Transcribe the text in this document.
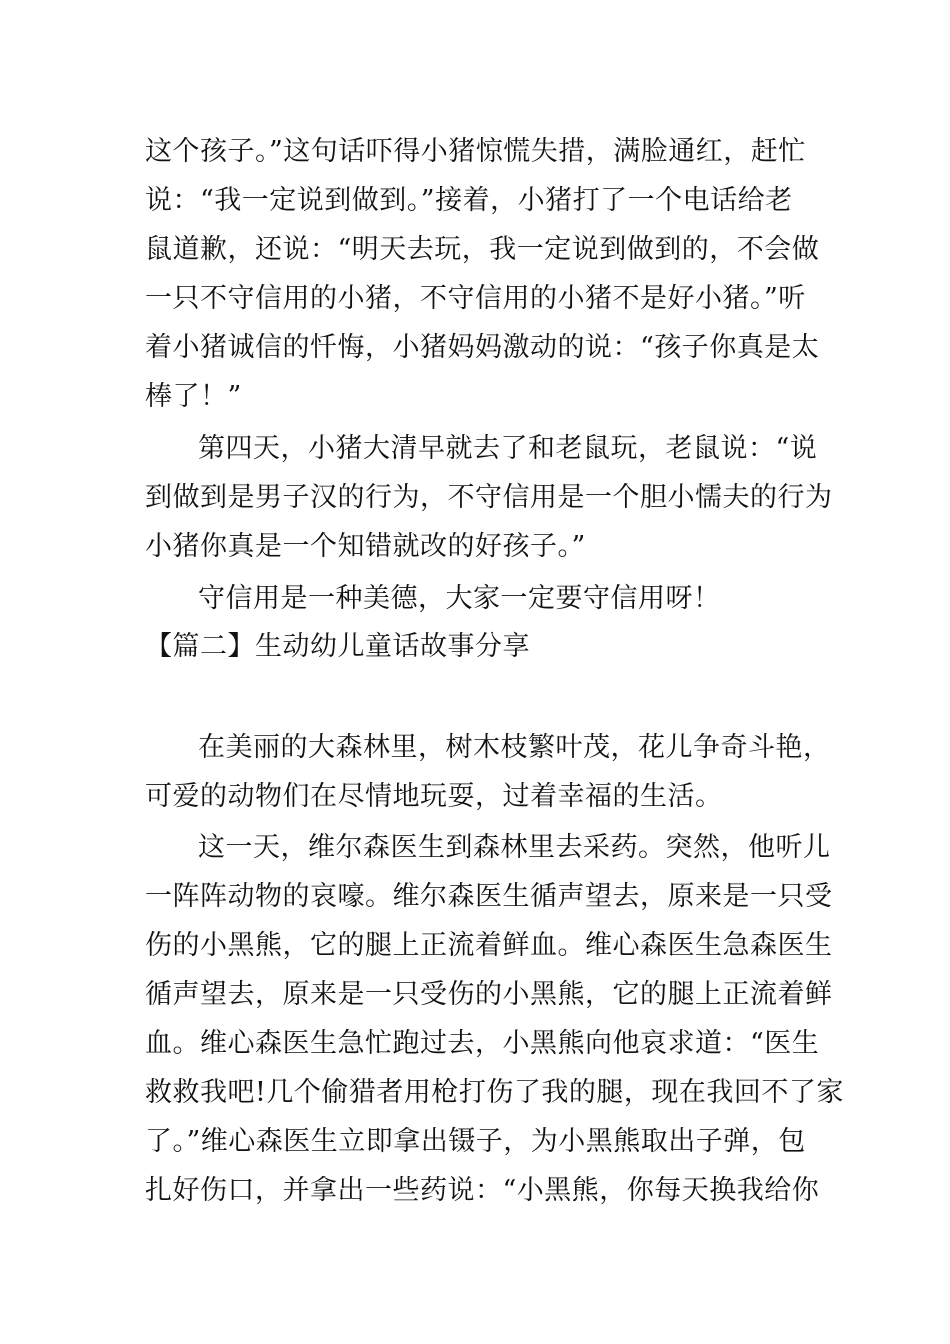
这个孩子。”这句话吓得小猪惊慌失措，满脸通红，赶忙
说：“我一定说到做到。”接着，小猪打了一个电话给老
鼠道歉，还说：“明天去玩，我一定说到做到的，不会做
一只不守信用的小猪，不守信用的小猪不是好小猪。”听
着小猪诚信的忏悔，小猪妈妈激动的说：“孩子你真是太
棒了！”
第四天，小猪大清早就去了和老鼠玩，老鼠说：“说
到做到是男子汉的行为，不守信用是一个胆小懦夫的行为
小猪你真是一个知错就改的好孩子。”
守信用是一种美德，大家一定要守信用呀！
【篇二】生动幼儿童话故事分享
在美丽的大森林里，树木枝繁叶茂，花儿争奇斗艳，
可爱的动物们在尽情地玩耍，过着幸福的生活。
这一天，维尔森医生到森林里去采药。突然，他听儿
一阵阵动物的哀嚎。维尔森医生循声望去，原来是一只受
伤的小黑熊，它的腿上正流着鲜血。维心森医生急森医生
循声望去，原来是一只受伤的小黑熊，它的腿上正流着鲜
血。维心森医生急忙跑过去，小黑熊向他哀求道：“医生
救救我吧!几个偷猎者用枪打伤了我的腿，现在我回不了家
了。”维心森医生立即拿出镊子，为小黑熊取出子弹，包
扎好伤口，并拿出一些药说：“小黑熊，你每天换我给你
